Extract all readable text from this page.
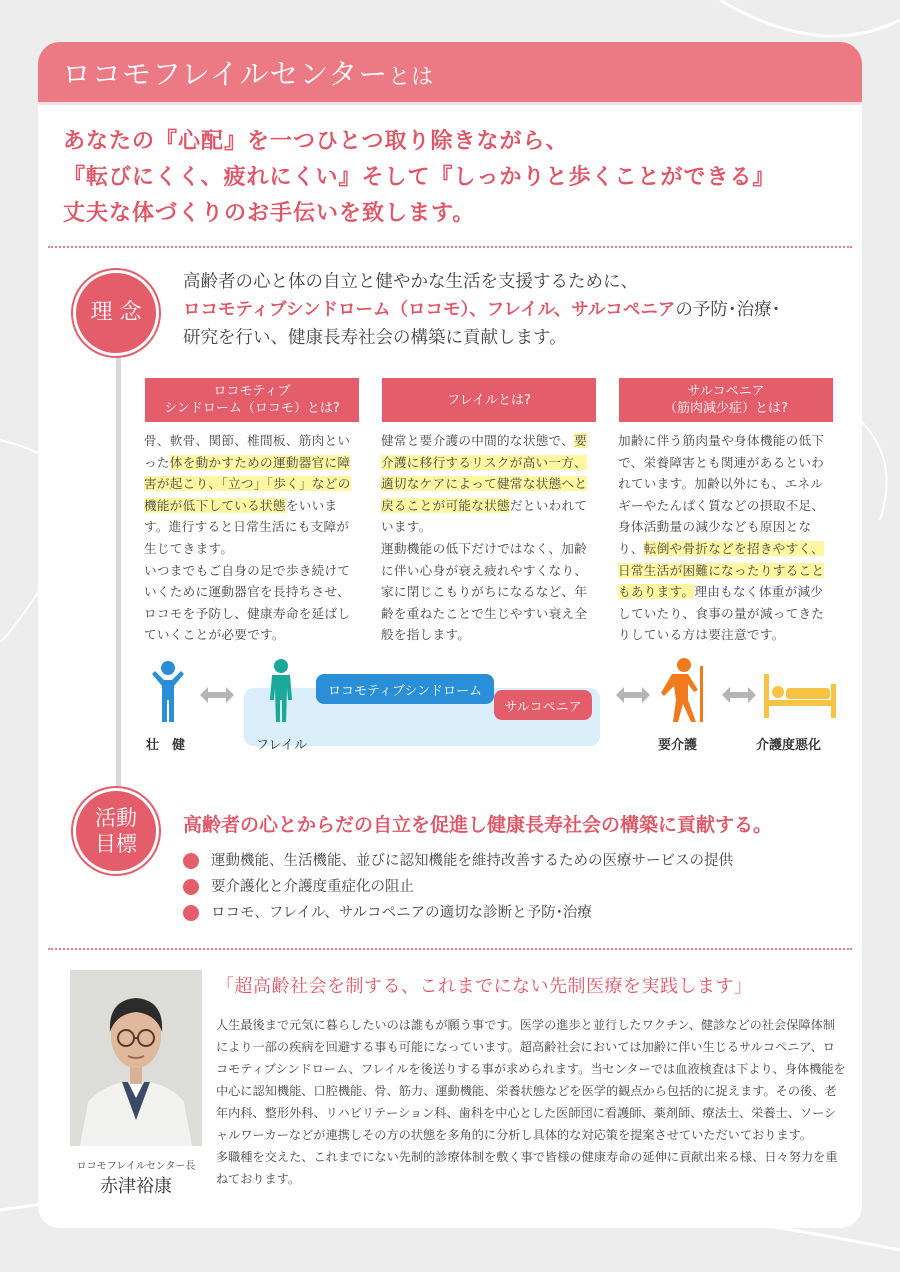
ロコモフレイルセンターとは
あなたの『心配』を一つひとつ取り除きながら、
『転びにくく、疲れにくい』そして『しっかりと歩くことができる』
丈夫な体づくりのお手伝いを致します。
理 念
高齢者の心と体の自立と健やかな生活を支援するために、
ロコモティブシンドローム（ロコモ）、フレイル、サルコペニアの予防･治療･
研究を行い、健康長寿社会の構築に貢献します。
ロコモティブ
シンドローム（ロコモ）とは?
フレイルとは?
サルコペニア
（筋肉減少症）とは?
骨、軟骨、関節、椎間板、筋肉といった体を動かすための運動器官に障害が起こり、「立つ」「歩く」などの機能が低下している状態をいいます。進行すると日常生活にも支障が生じてきます。
いつまでもご自身の足で歩き続けていくために運動器官を長持ちさせ、ロコモを予防し、健康寿命を延ばしていくことが必要です。
健常と要介護の中間的な状態で、要介護に移行するリスクが高い一方、適切なケアによって健常な状態へと戻ることが可能な状態だといわれています。
運動機能の低下だけではなく、加齢に伴い心身が衰え疲れやすくなり、家に閉じこもりがちになるなど、年齢を重ねたことで生じやすい衰え全般を指します。
加齢に伴う筋肉量や身体機能の低下で、栄養障害とも関連があるといわれています。加齢以外にも、エネルギーやたんぱく質などの摂取不足、身体活動量の減少なども原因となり、転倒や骨折などを招きやすく、日常生活が困難になったりすることもあります。理由もなく体重が減少していたり、食事の量が減ってきたりしている方は要注意です。
ロコモティブシンドローム
サルコペニア
壮　健	フレイル	要介護	介護度悪化
活動
目標
高齢者の心とからだの自立を促進し健康長寿社会の構築に貢献する。
運動機能、生活機能、並びに認知機能を維持改善するための医療サービスの提供
要介護化と介護度重症化の阻止
ロコモ、フレイル、サルコペニアの適切な診断と予防･治療
ロコモフレイルセンター長
赤津裕康
「超高齢社会を制する、これまでにない先制医療を実践します」

人生最後まで元気に暮らしたいのは誰もが願う事です。医学の進歩と並行したワクチン、健診などの社会保障体制により一部の疾病を回避する事も可能になっています。超高齢社会においては加齢に伴い生じるサルコペニア、ロコモティブシンドローム、フレイルを後送りする事が求められます。当センターでは血液検査は下より、身体機能を中心に認知機能、口腔機能、骨、筋力、運動機能、栄養状態などを医学的観点から包括的に捉えます。その後、老年内科、整形外科、リハビリテーション科、歯科を中心とした医師団に看護師、薬剤師、療法士、栄養士、ソーシャルワーカーなどが連携しその方の状態を多角的に分析し具体的な対応策を提案させていただいております。

多職種を交えた、これまでにない先制的診療体制を敷く事で皆様の健康寿命の延伸に貢献出来る様、日々努力を重ねております。
